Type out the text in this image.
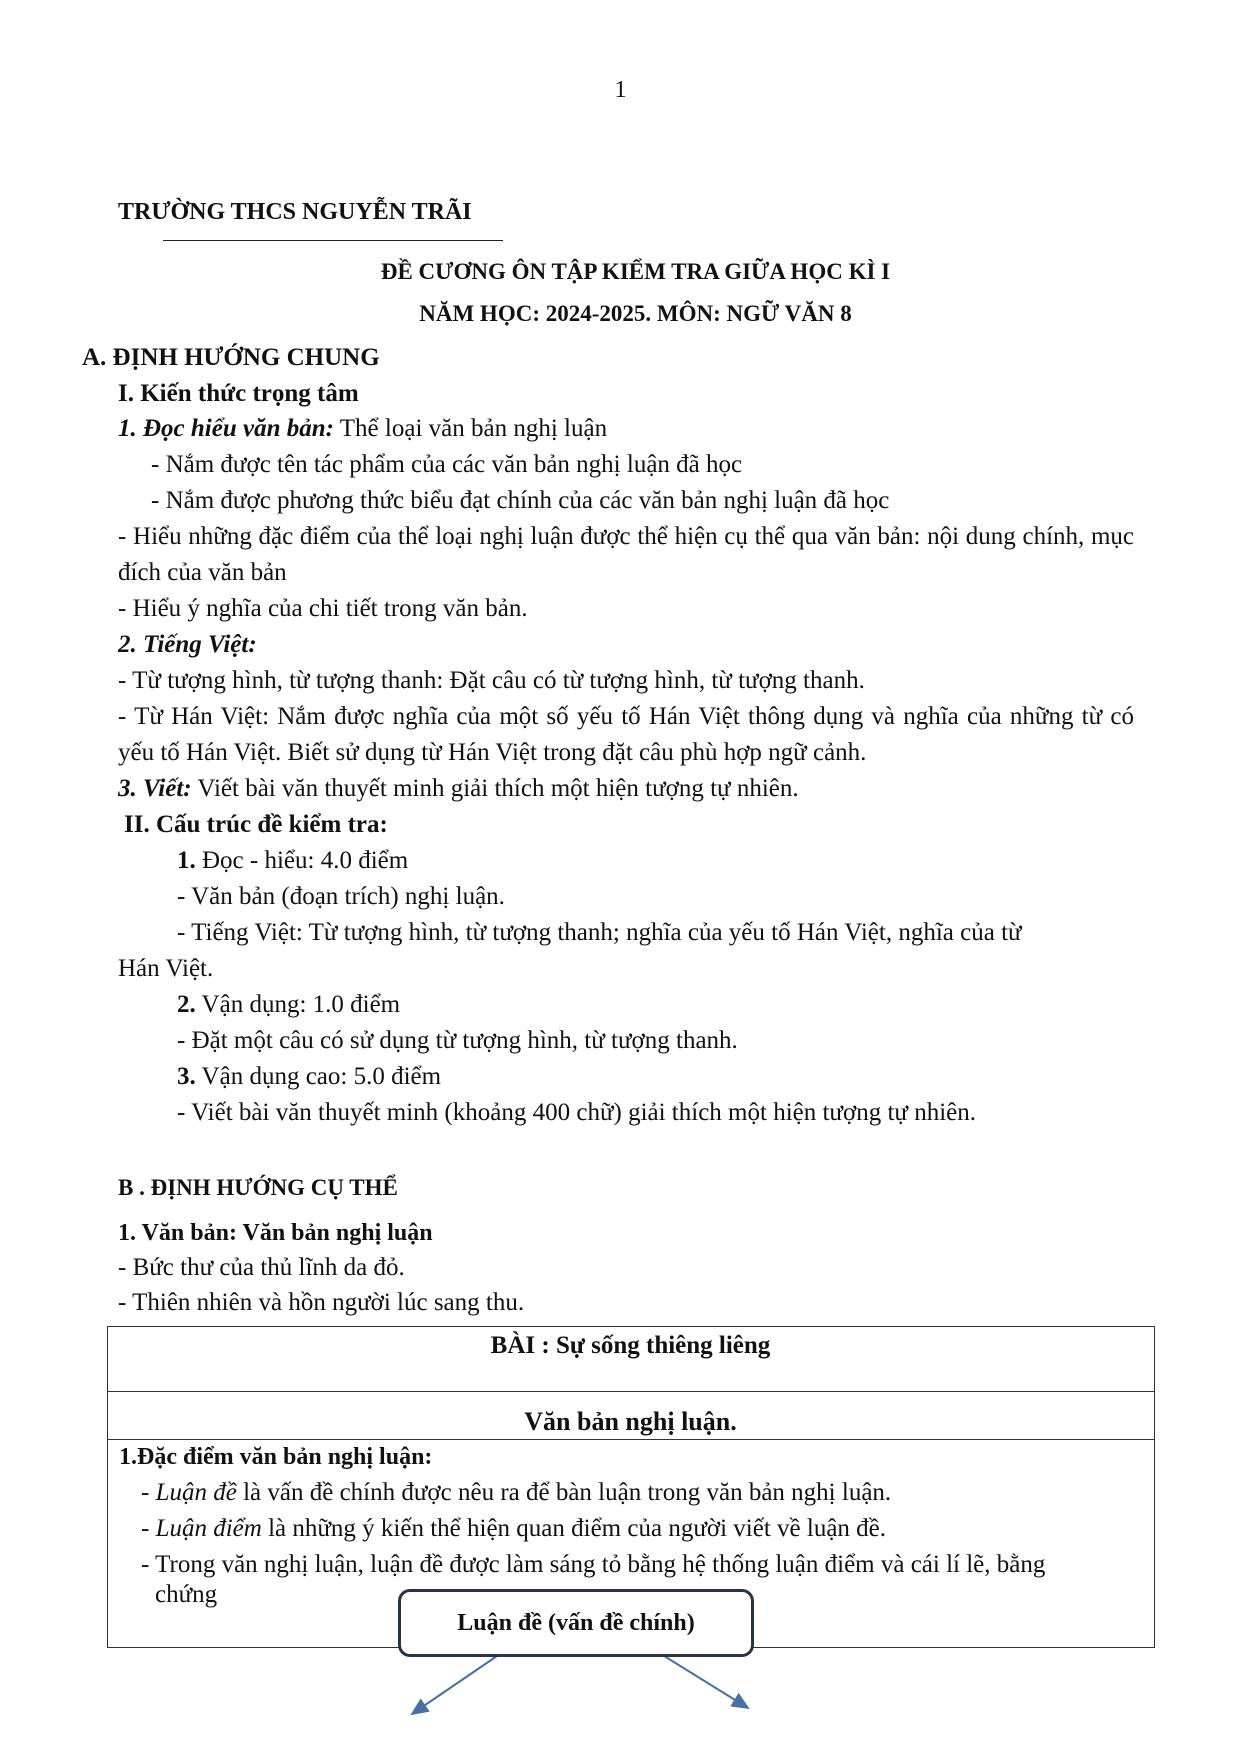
1
TRƯỜNG THCS NGUYỄN TRÃI
ĐỀ CƯƠNG ÔN TẬP KIỂM TRA GIỮA HỌC KÌ I
NĂM HỌC: 2024-2025. MÔN: NGỮ VĂN 8
A. ĐỊNH HƯỚNG CHUNG
I. Kiến thức trọng tâm
1. Đọc hiểu văn bản: Thể loại văn bản nghị luận
- Nắm được tên tác phẩm của các văn bản nghị luận đã học
- Nắm được phương thức biểu đạt chính của các văn bản nghị luận đã học
- Hiểu những đặc điểm của thể loại nghị luận được thể hiện cụ thể qua văn bản: nội dung chính, mục đích của văn bản
- Hiểu ý nghĩa của chi tiết trong văn bản.
2. Tiếng Việt:
- Từ tượng hình, từ tượng thanh: Đặt câu có từ tượng hình, từ tượng thanh.
- Từ Hán Việt: Nắm được nghĩa của một số yếu tố Hán Việt thông dụng và nghĩa của những từ có yếu tố Hán Việt. Biết sử dụng từ Hán Việt trong đặt câu phù hợp ngữ cảnh.
3. Viết: Viết bài văn thuyết minh giải thích một hiện tượng tự nhiên.
II. Cấu trúc đề kiểm tra:
1. Đọc - hiểu: 4.0 điểm
- Văn bản (đoạn trích) nghị luận.
- Tiếng Việt: Từ tượng hình, từ tượng thanh; nghĩa của yếu tố Hán Việt, nghĩa của từ
Hán Việt.
2. Vận dụng: 1.0 điểm
- Đặt một câu có sử dụng từ tượng hình, từ tượng thanh.
3. Vận dụng cao: 5.0 điểm
- Viết bài văn thuyết minh (khoảng 400 chữ) giải thích một hiện tượng tự nhiên.
B . ĐỊNH HƯỚNG CỤ THỂ
1. Văn bản: Văn bản nghị luận
- Bức thư của thủ lĩnh da đỏ.
- Thiên nhiên và hồn người lúc sang thu.
BÀI : Sự sống thiêng liêng
Văn bản nghị luận.
1.Đặc điểm văn bản nghị luận:
- Luận đề là vấn đề chính được nêu ra để bàn luận trong văn bản nghị luận.
- Luận điểm là những ý kiến thể hiện quan điểm của người viết về luận đề.
- Trong văn nghị luận, luận đề được làm sáng tỏ bằng hệ thống luận điểm và cái lí lẽ, bằng
chứng
Luận đề (vấn đề chính)
